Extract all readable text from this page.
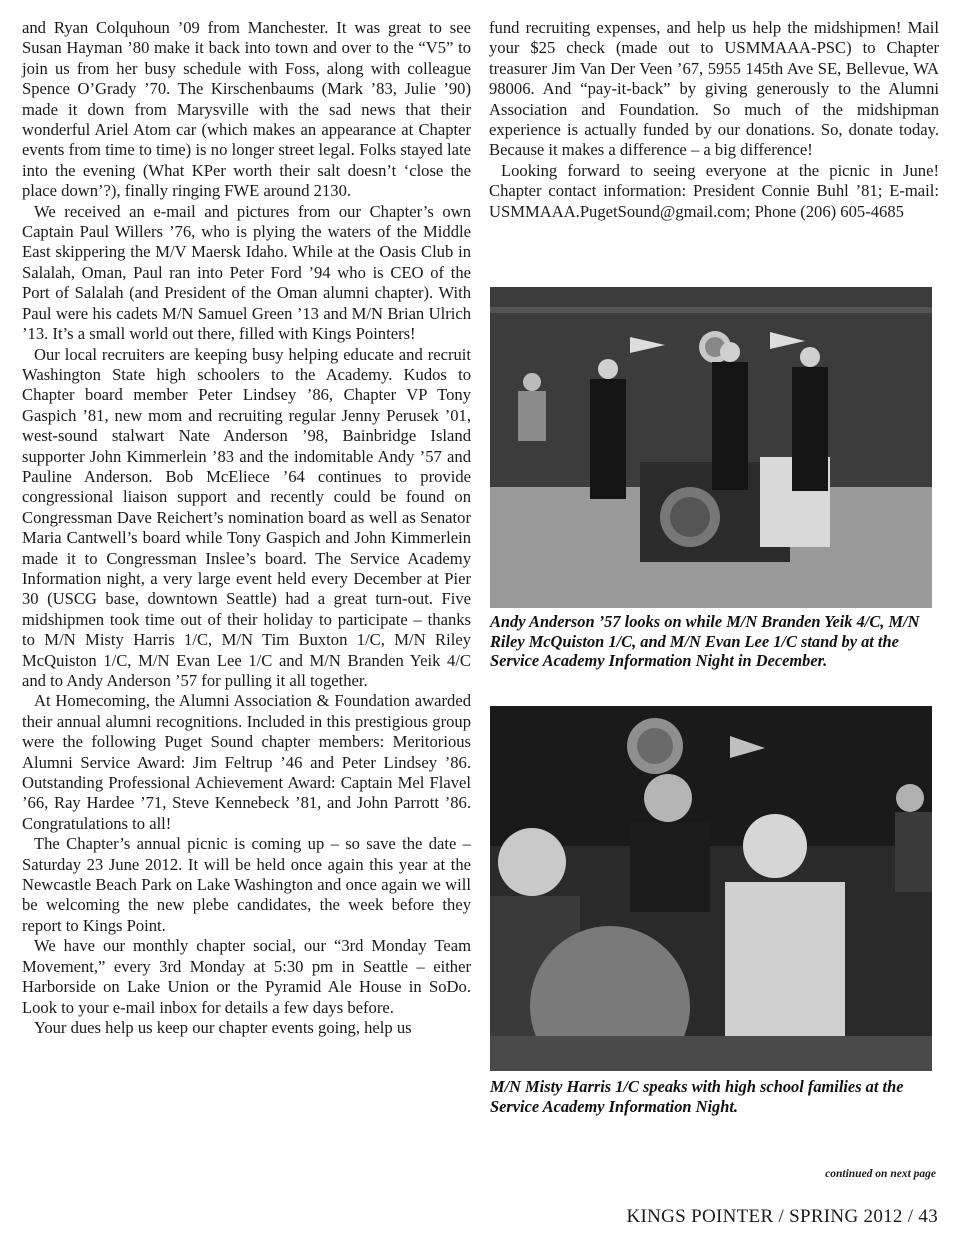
and Ryan Colquhoun ’09 from Manchester. It was great to see Susan Hayman ’80 make it back into town and over to the “V5” to join us from her busy schedule with Foss, along with colleague Spence O’Grady ’70. The Kirschenbaums (Mark ’83, Julie ’90) made it down from Marysville with the sad news that their wonderful Ariel Atom car (which makes an appearance at Chapter events from time to time) is no longer street legal. Folks stayed late into the evening (What KPer worth their salt doesn’t ‘close the place down’?), finally ringing FWE around 2130.

We received an e-mail and pictures from our Chapter’s own Captain Paul Willers ’76, who is plying the waters of the Middle East skippering the M/V Maersk Idaho. While at the Oasis Club in Salalah, Oman, Paul ran into Peter Ford ’94 who is CEO of the Port of Salalah (and President of the Oman alumni chapter). With Paul were his cadets M/N Samuel Green ’13 and M/N Brian Ulrich ’13. It’s a small world out there, filled with Kings Pointers!

Our local recruiters are keeping busy helping educate and recruit Washington State high schoolers to the Academy. Kudos to Chapter board member Peter Lindsey ’86, Chapter VP Tony Gaspich ’81, new mom and recruiting regular Jenny Perusek ’01, west-sound stalwart Nate Anderson ’98, Bainbridge Island supporter John Kimmerlein ’83 and the indomitable Andy ’57 and Pauline Anderson. Bob McEliece ’64 continues to provide congressional liaison support and recently could be found on Congressman Dave Reichert’s nomination board as well as Senator Maria Cantwell’s board while Tony Gaspich and John Kimmerlein made it to Congressman Inslee’s board. The Service Academy Information night, a very large event held every December at Pier 30 (USCG base, downtown Seattle) had a great turn-out. Five midshipmen took time out of their holiday to participate – thanks to M/N Misty Harris 1/C, M/N Tim Buxton 1/C, M/N Riley McQuiston 1/C, M/N Evan Lee 1/C and M/N Branden Yeik 4/C and to Andy Anderson ’57 for pulling it all together.

At Homecoming, the Alumni Association & Foundation awarded their annual alumni recognitions. Included in this prestigious group were the following Puget Sound chapter members: Meritorious Alumni Service Award: Jim Feltrup ’46 and Peter Lindsey ’86. Outstanding Professional Achievement Award: Captain Mel Flavel ’66, Ray Hardee ’71, Steve Kennebeck ’81, and John Parrott ’86. Congratulations to all!

The Chapter’s annual picnic is coming up – so save the date – Saturday 23 June 2012. It will be held once again this year at the Newcastle Beach Park on Lake Washington and once again we will be welcoming the new plebe candidates, the week before they report to Kings Point.

We have our monthly chapter social, our “3rd Monday Team Movement,” every 3rd Monday at 5:30 pm in Seattle – either Harborside on Lake Union or the Pyramid Ale House in SoDo. Look to your e-mail inbox for details a few days before.

Your dues help us keep our chapter events going, help us

fund recruiting expenses, and help us help the midshipmen! Mail your $25 check (made out to USMMAAA-PSC) to Chapter treasurer Jim Van Der Veen ’67, 5955 145th Ave SE, Bellevue, WA 98006. And “pay-it-back” by giving generously to the Alumni Association and Foundation. So much of the midshipman experience is actually funded by our donations. So, donate today. Because it makes a difference – a big difference!

Looking forward to seeing everyone at the picnic in June! Chapter contact information: President Connie Buhl ’81; E-mail: USMMAAA.PugetSound@gmail.com; Phone (206) 605-4685

Andy Anderson ’57 looks on while M/N Branden Yeik 4/C, M/N Riley McQuiston 1/C, and M/N Evan Lee 1/C stand by at the Service Academy Information Night in December.
M/N Misty Harris 1/C speaks with high school families at the Service Academy Information Night.
continued on next page
KINGS POINTER / SPRING 2012 / 43
